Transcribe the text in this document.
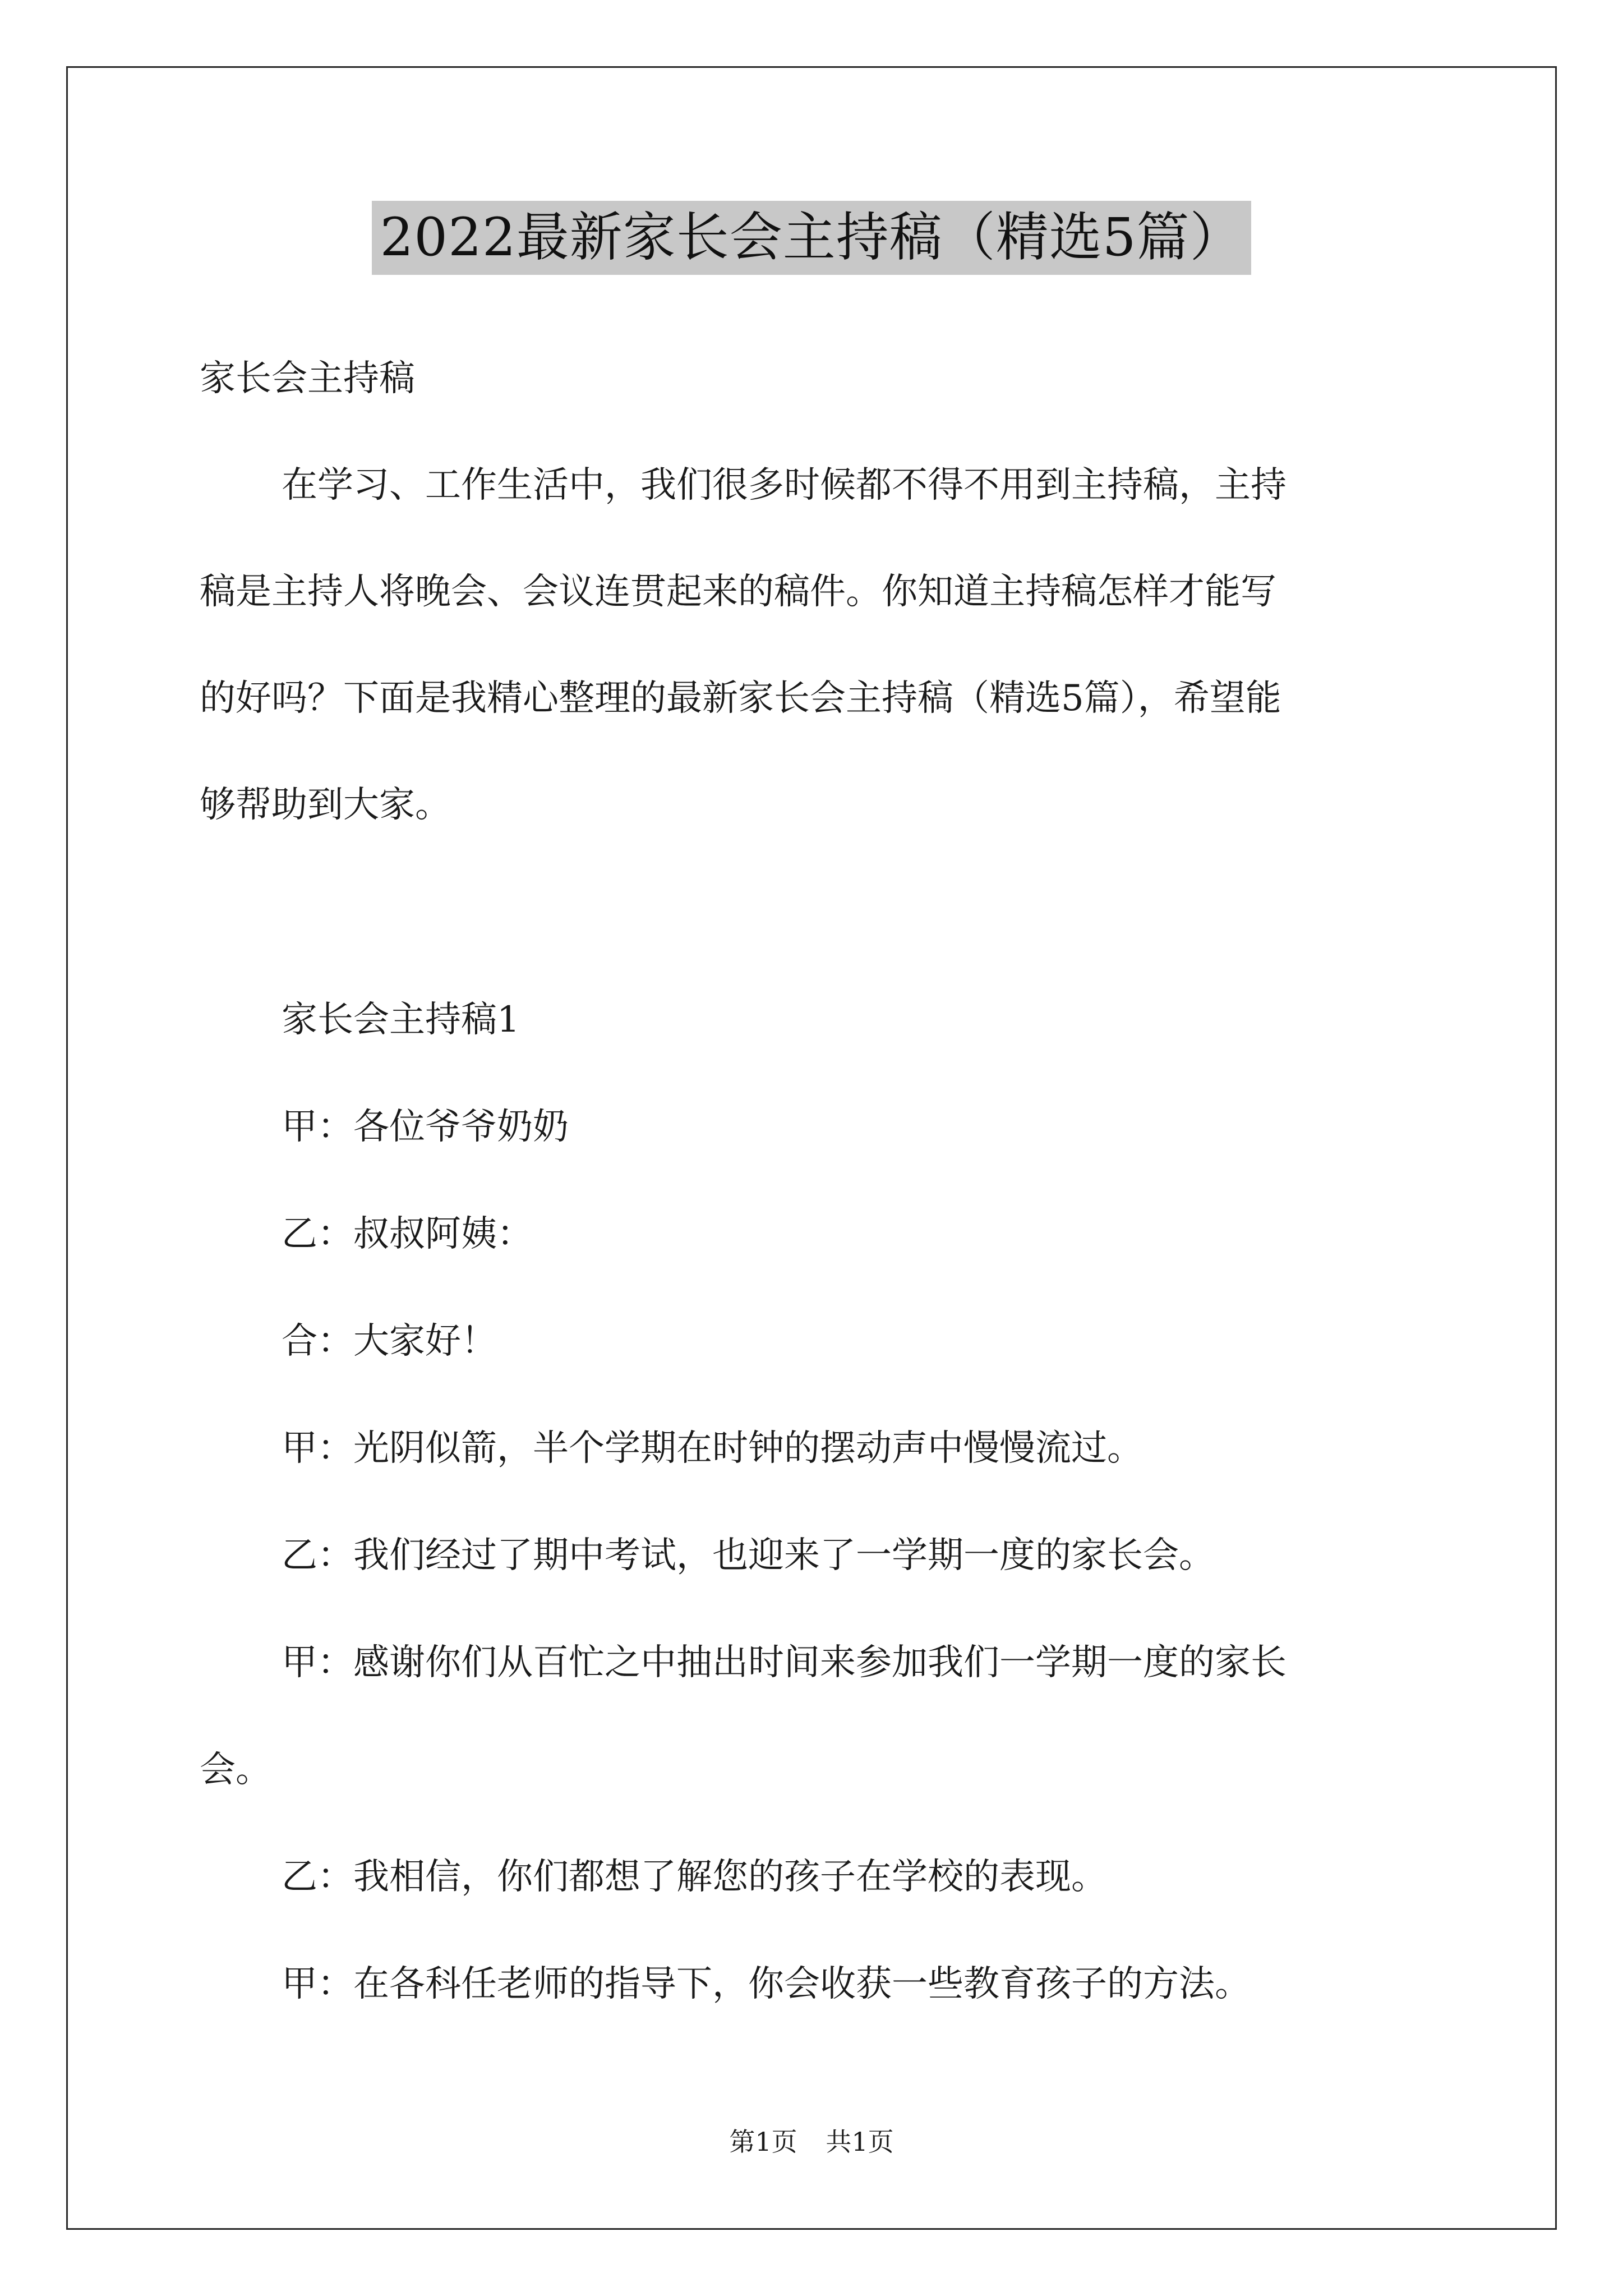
2022最新家长会主持稿（精选5篇）

家长会主持稿

在学习、工作生活中，我们很多时候都不得不用到主持稿，主持

稿是主持人将晚会、会议连贯起来的稿件。你知道主持稿怎样才能写

的好吗？下面是我精心整理的最新家长会主持稿（精选5篇），希望能

够帮助到大家。

家长会主持稿1

甲：各位爷爷奶奶

乙：叔叔阿姨：

合：大家好！

甲：光阴似箭，半个学期在时钟的摆动声中慢慢流过。

乙：我们经过了期中考试，也迎来了一学期一度的家长会。

甲：感谢你们从百忙之中抽出时间来参加我们一学期一度的家长

会。

乙：我相信，你们都想了解您的孩子在学校的表现。

甲：在各科任老师的指导下，你会收获一些教育孩子的方法。

第1页 共1页
